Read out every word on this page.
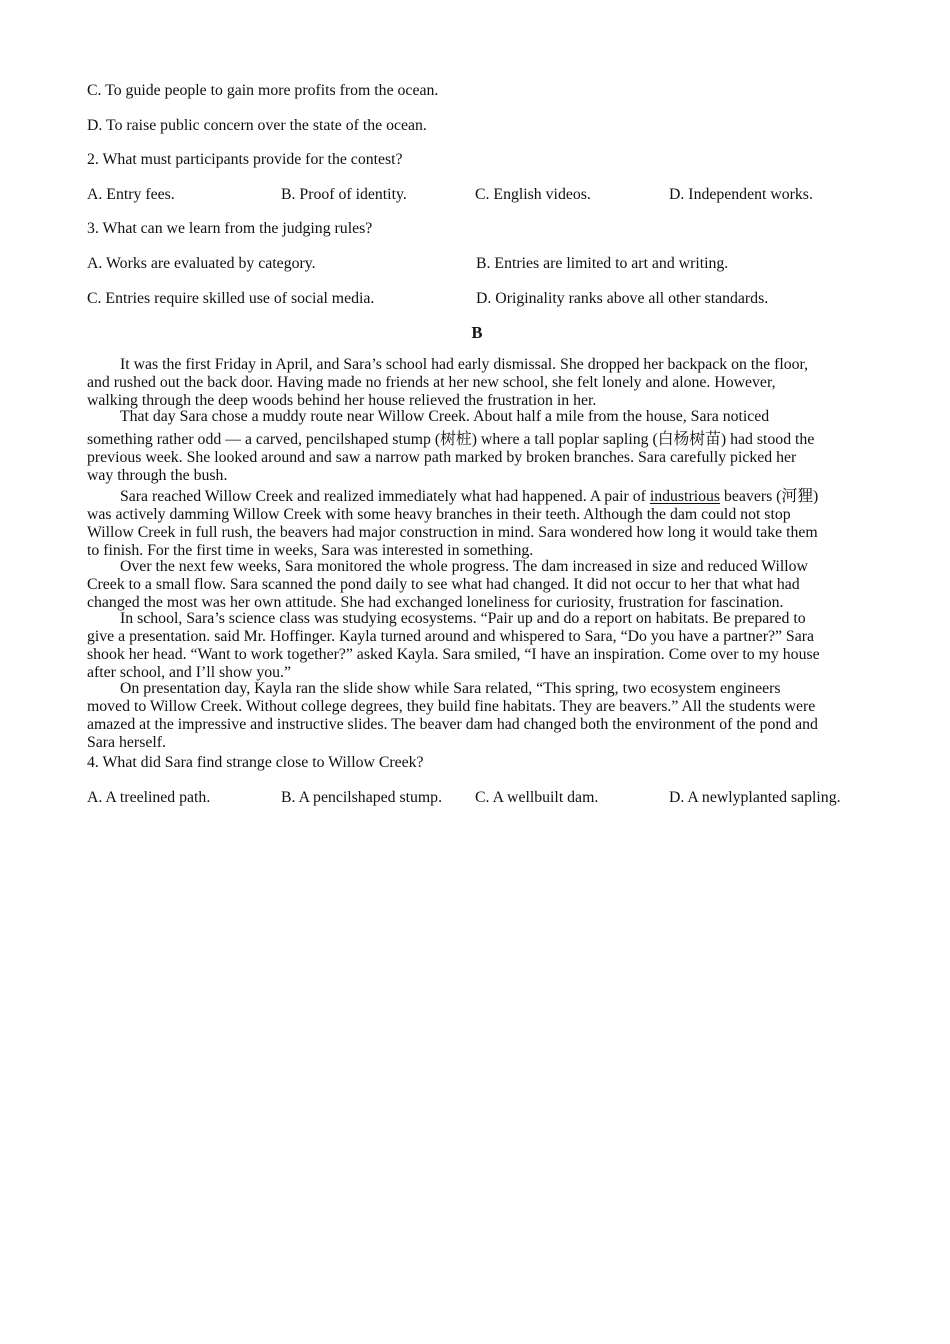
C. To guide people to gain more profits from the ocean.
D. To raise public concern over the state of the ocean.
2. What must participants provide for the contest?
A. Entry fees.	B. Proof of identity.	C. English videos.	D. Independent works.
3. What can we learn from the judging rules?
A. Works are evaluated by category.	B. Entries are limited to art and writing.
C. Entries require skilled use of social media.	D. Originality ranks above all other standards.
B
It was the first Friday in April, and Sara’s school had early dismissal. She dropped her backpack on the floor,
and rushed out the back door. Having made no friends at her new school, she felt lonely and alone. However,
walking through the deep woods behind her house relieved the frustration in her.
That day Sara chose a muddy route near Willow Creek. About half a mile from the house, Sara noticed
something rather odd — a carved, pencilshaped stump (树桩) where a tall poplar sapling (白杨树苗) had stood the
previous week. She looked around and saw a narrow path marked by broken branches. Sara carefully picked her
way through the bush.
Sara reached Willow Creek and realized immediately what had happened. A pair of industrious beavers (河狸)
was actively damming Willow Creek with some heavy branches in their teeth. Although the dam could not stop
Willow Creek in full rush, the beavers had major construction in mind. Sara wondered how long it would take them
to finish. For the first time in weeks, Sara was interested in something.
Over the next few weeks, Sara monitored the whole progress. The dam increased in size and reduced Willow
Creek to a small flow. Sara scanned the pond daily to see what had changed. It did not occur to her that what had
changed the most was her own attitude. She had exchanged loneliness for curiosity, frustration for fascination.
In school, Sara’s science class was studying ecosystems. “Pair up and do a report on habitats. Be prepared to
give a presentation. said Mr. Hoffinger. Kayla turned around and whispered to Sara, “Do you have a partner?” Sara
shook her head. “Want to work together?” asked Kayla. Sara smiled, “I have an inspiration. Come over to my house
after school, and I’ll show you.”
On presentation day, Kayla ran the slide show while Sara related, “This spring, two ecosystem engineers
moved to Willow Creek. Without college degrees, they build fine habitats. They are beavers.” All the students were
amazed at the impressive and instructive slides. The beaver dam had changed both the environment of the pond and
Sara herself.
4. What did Sara find strange close to Willow Creek?
A. A treelined path.	B. A pencilshaped stump.	C. A wellbuilt dam.	D. A newlyplanted sapling.
